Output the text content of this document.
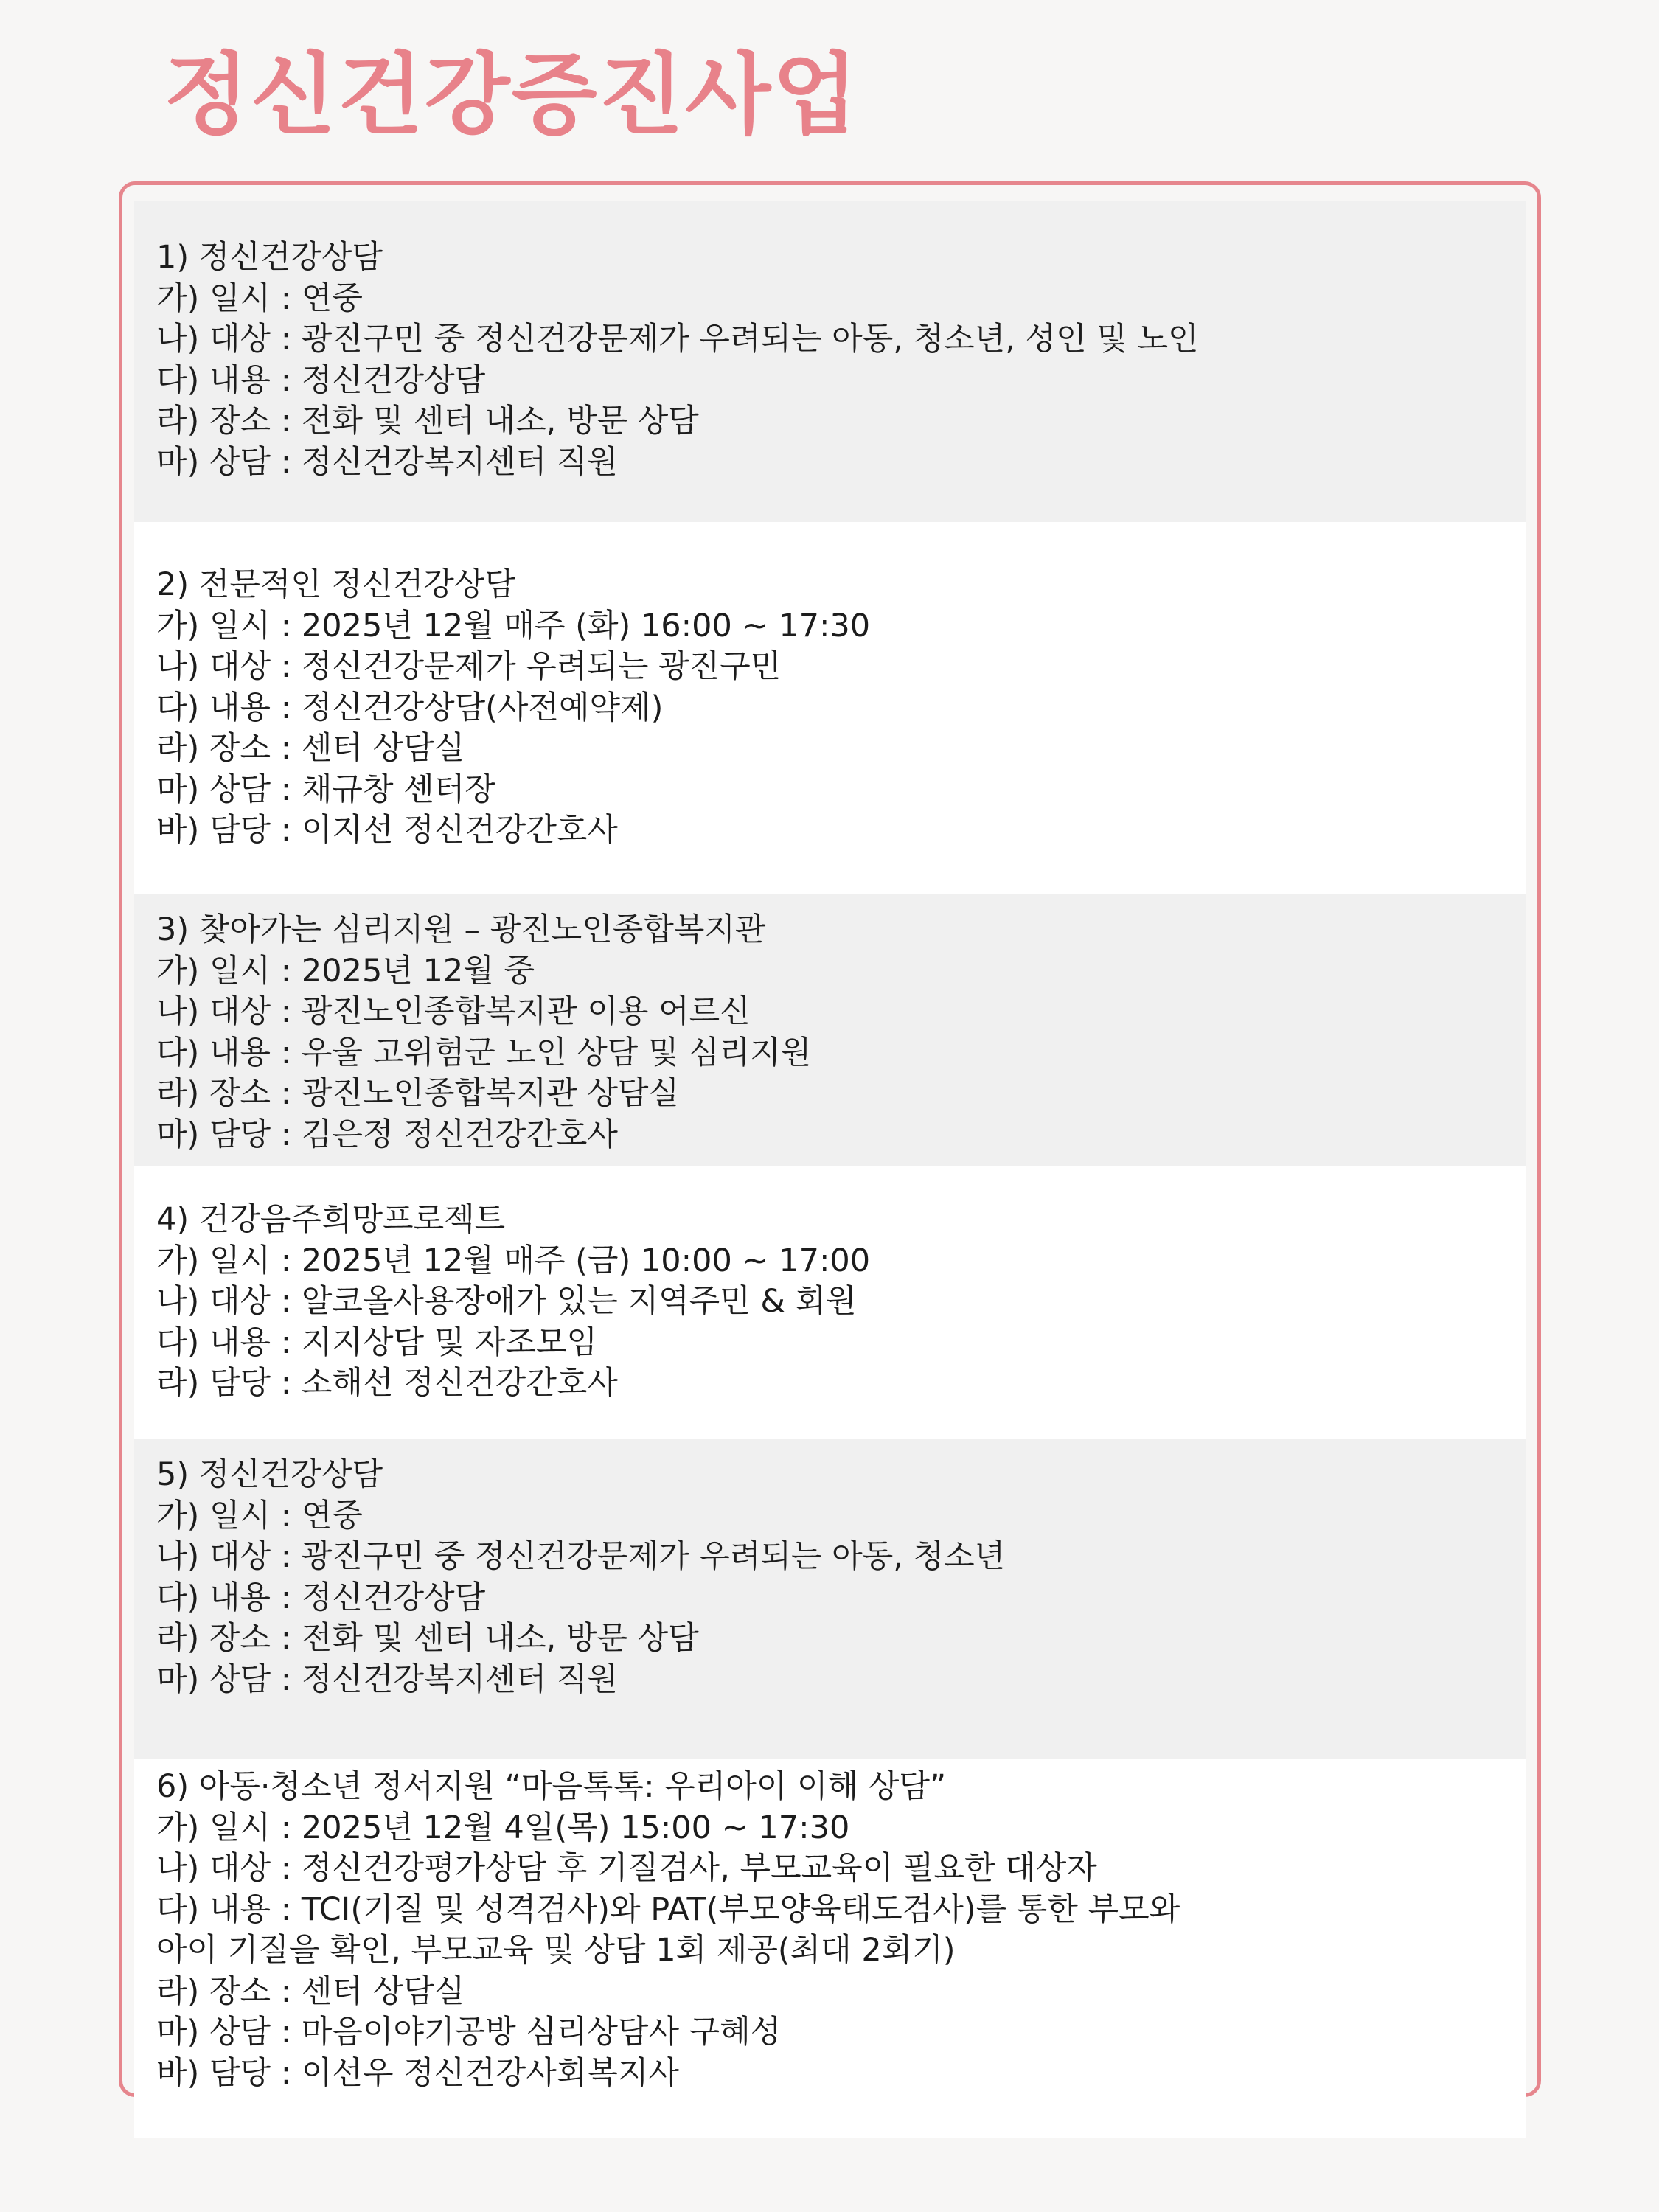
정신건강증진사업
1) 정신건강상담
가) 일시 : 연중
나) 대상 : 광진구민 중 정신건강문제가 우려되는 아동, 청소년, 성인 및 노인
다) 내용 : 정신건강상담
라) 장소 : 전화 및 센터 내소, 방문 상담
마) 상담 : 정신건강복지센터 직원
2) 전문적인 정신건강상담
가) 일시 : 2025년 12월 매주 (화) 16:00 ~ 17:30
나) 대상 : 정신건강문제가 우려되는 광진구민
다) 내용 : 정신건강상담(사전예약제)
라) 장소 : 센터 상담실
마) 상담 : 채규창 센터장
바) 담당 : 이지선 정신건강간호사
3) 찾아가는 심리지원 – 광진노인종합복지관
가) 일시 : 2025년 12월 중
나) 대상 : 광진노인종합복지관 이용 어르신
다) 내용 : 우울 고위험군 노인 상담 및 심리지원
라) 장소 : 광진노인종합복지관 상담실
마) 담당 : 김은정 정신건강간호사
4) 건강음주희망프로젝트
가) 일시 : 2025년 12월 매주 (금) 10:00 ~ 17:00
나) 대상 : 알코올사용장애가 있는 지역주민 & 회원
다) 내용 : 지지상담 및 자조모임
라) 담당 : 소해선 정신건강간호사
5) 정신건강상담
가) 일시 : 연중
나) 대상 : 광진구민 중 정신건강문제가 우려되는 아동, 청소년
다) 내용 : 정신건강상담
라) 장소 : 전화 및 센터 내소, 방문 상담
마) 상담 : 정신건강복지센터 직원
6) 아동·청소년 정서지원 “마음톡톡: 우리아이 이해 상담”
가) 일시 : 2025년 12월 4일(목) 15:00 ~ 17:30
나) 대상 : 정신건강평가상담 후 기질검사, 부모교육이 필요한 대상자
다) 내용 : TCI(기질 및 성격검사)와 PAT(부모양육태도검사)를 통한 부모와
아이 기질을 확인, 부모교육 및 상담 1회 제공(최대 2회기)
라) 장소 : 센터 상담실
마) 상담 : 마음이야기공방 심리상담사 구혜성
바) 담당 : 이선우 정신건강사회복지사
